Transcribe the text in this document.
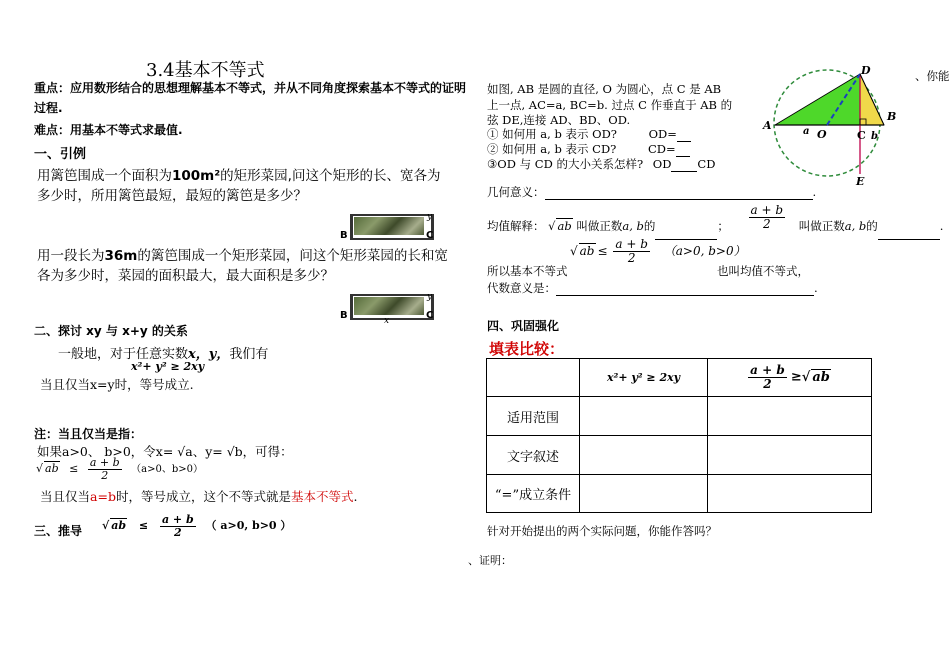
3.4基本不等式
重点：应用数形结合的思想理解基本不等式，并从不同角度探索基本不等式的证明
过程.
难点：用基本不等式求最值.
一、引例
用篱笆围成一个面积为100m²的矩形菜园,问这个矩形的长、宽各为
多少时，所用篱笆最短，最短的篱笆是多少？
B	C
y
用一段长为36m的篱笆围成一个矩形菜园，问这个矩形菜园的长和宽
各为多少时，菜园的面积最大，最大面积是多少？
B	C
y
x
二、探讨 xy 与 x+y 的关系
一般地，对于任意实数x，y，我们有
x²+ y² ≥ 2xy
当且仅当x=y时，等号成立.
注：当且仅当是指：
如果a>0、 b>0，令x= √a、y= √b，可得：
√ ab ≤ $\frac{a + b}{2} (a>0$、b>0）
当且仅当a=b时，等号成立，这个不等式就是基本不等式.
三、推导 √ ab ≤ $\frac{a + b}{2}$ （ a>0, b>0 ）
如图, AB 是圆的直径, O 为圆心，点 C 是 AB
上一点, AC=a, BC=b. 过点 C 作垂直于 AB 的
弦 DE,连接 AD、BD、OD.
① 如何用 a, b 表示 OD?	OD=
② 如何用 a, b 表示 CD?	CD=
③OD 与 CD 的大小关系怎样? OD CD
A	a O	C b
B
D
E
、你能
几何意义：	.
均值解释： √ ab 叫做正数a, b的	； $\frac{a + b}{2}$ 叫做正数a, b的	.
√ ab ≤ $\frac{a + b}{2} (a>0$, b>0）
所以基本不等式	也叫均值不等式，
代数意义是：	.
四、巩固强化
填表比较：
	x²+ y² ≥ 2xy	$\frac{a + b}{2}$ ≥√ ab
适用范围		
文字叙述		
“=”成立条件		
针对开始提出的两个实际问题，你能作答吗？
、证明：
